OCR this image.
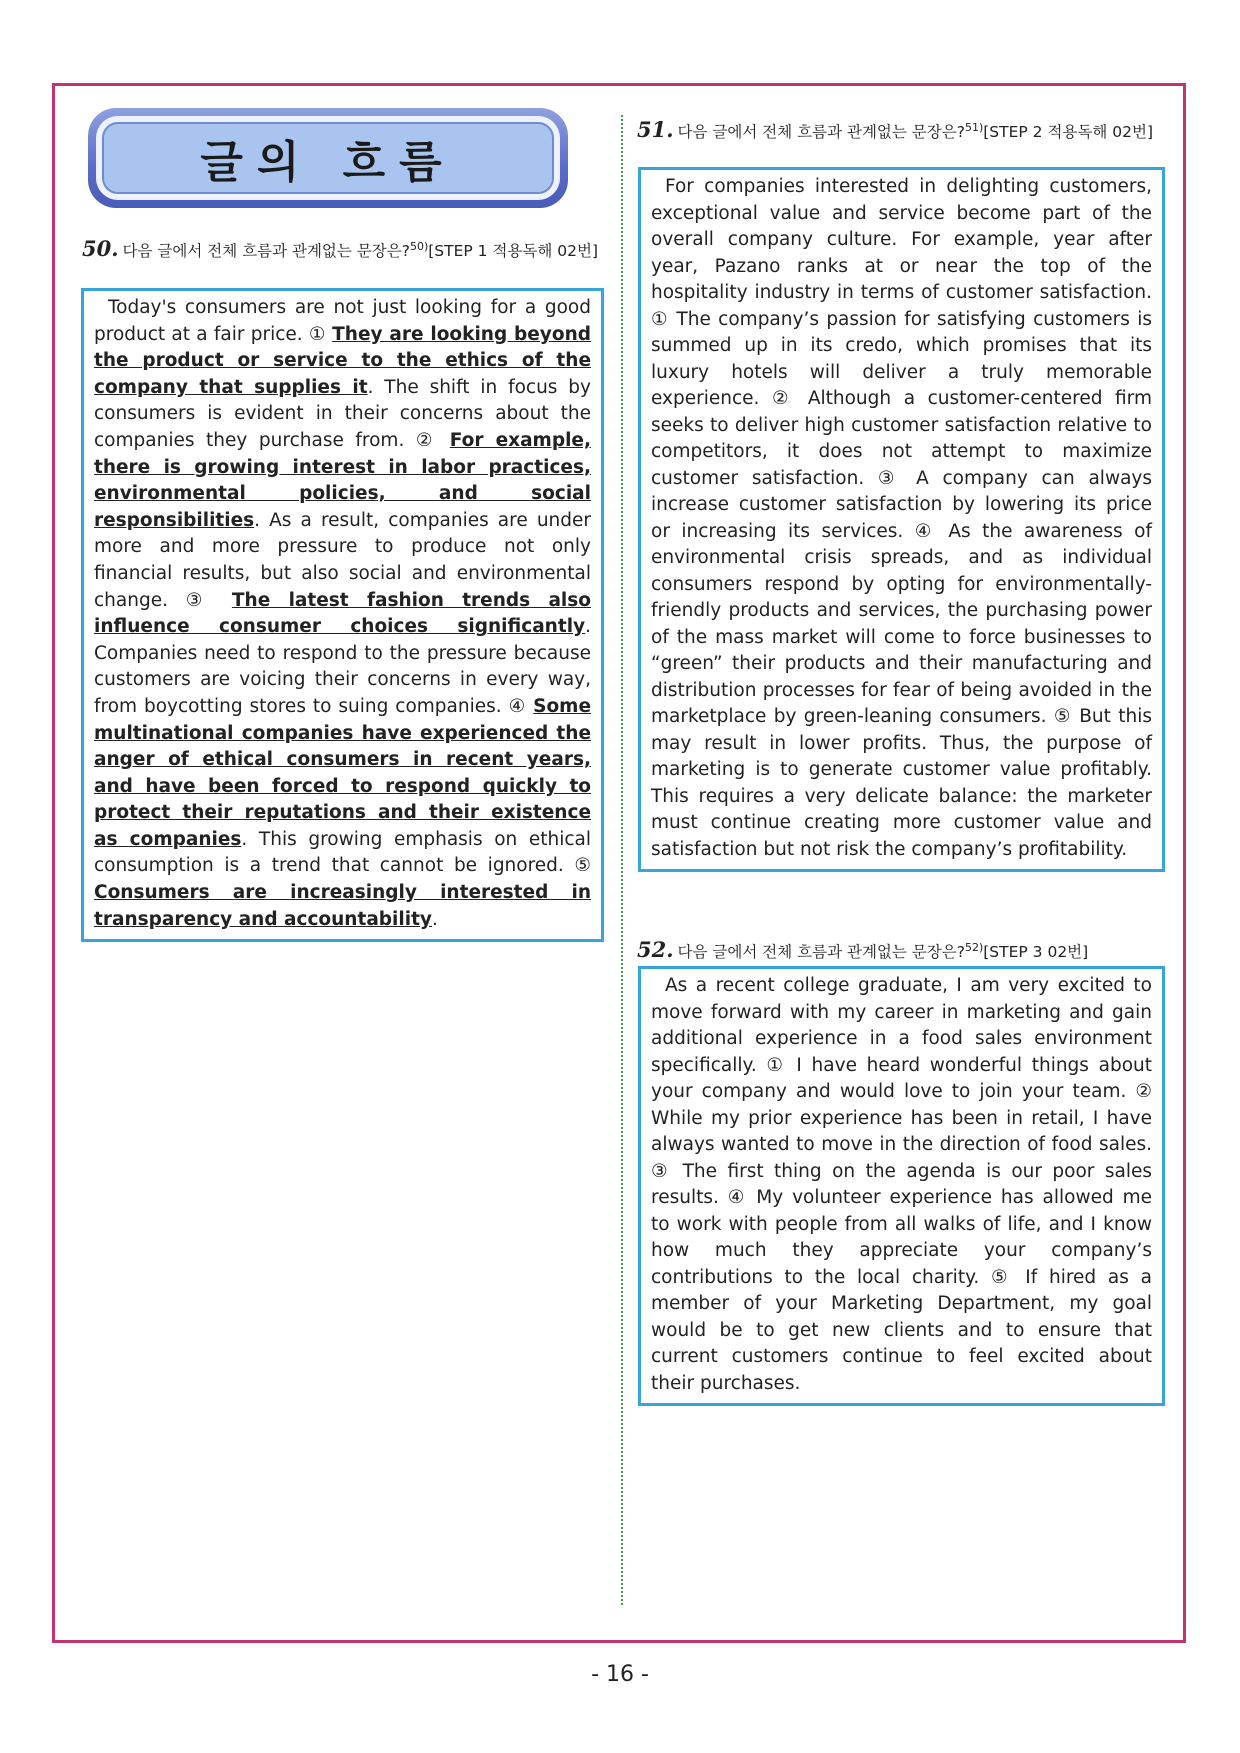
글의 흐름
50. 다음 글에서 전체 흐름과 관계없는 문장은?$^{50)}$[STEP 1 적용독해 02번]

Today's consumers are not just looking for a good product at a fair price. ① They are looking beyond the product or service to the ethics of the company that supplies it. The shift in focus by consumers is evident in their concerns about the companies they purchase from. ② For example, there is growing interest in labor practices, environmental policies, and social responsibilities. As a result, companies are under more and more pressure to produce not only financial results, but also social and environmental change. ③ The latest fashion trends also influence consumer choices significantly. Companies need to respond to the pressure because customers are voicing their concerns in every way, from boycotting stores to suing companies. ④ Some multinational companies have experienced the anger of ethical consumers in recent years, and have been forced to respond quickly to protect their reputations and their existence as companies. This growing emphasis on ethical consumption is a trend that cannot be ignored. ⑤ Consumers are increasingly interested in transparency and accountability.

51. 다음 글에서 전체 흐름과 관계없는 문장은?$^{51)}$[STEP 2 적용독해 02번]

For companies interested in delighting customers, exceptional value and service become part of the overall company culture. For example, year after year, Pazano ranks at or near the top of the hospitality industry in terms of customer satisfaction. ① The company’s passion for satisfying customers is summed up in its credo, which promises that its luxury hotels will deliver a truly memorable experience. ② Although a customer-centered firm seeks to deliver high customer satisfaction relative to competitors, it does not attempt to maximize customer satisfaction. ③ A company can always increase customer satisfaction by lowering its price or increasing its services. ④ As the awareness of environmental crisis spreads, and as individual consumers respond by opting for environmentally-friendly products and services, the purchasing power of the mass market will come to force businesses to “green” their products and their manufacturing and distribution processes for fear of being avoided in the marketplace by green-leaning consumers. ⑤ But this may result in lower profits. Thus, the purpose of marketing is to generate customer value profitably. This requires a very delicate balance: the marketer must continue creating more customer value and satisfaction but not risk the company’s profitability.

52. 다음 글에서 전체 흐름과 관계없는 문장은?$^{52)}$[STEP 3 02번]

As a recent college graduate, I am very excited to move forward with my career in marketing and gain additional experience in a food sales environment specifically. ① I have heard wonderful things about your company and would love to join your team. ② While my prior experience has been in retail, I have always wanted to move in the direction of food sales. ③ The first thing on the agenda is our poor sales results. ④ My volunteer experience has allowed me to work with people from all walks of life, and I know how much they appreciate your company’s contributions to the local charity. ⑤ If hired as a member of your Marketing Department, my goal would be to get new clients and to ensure that current customers continue to feel excited about their purchases.

- 16 -
